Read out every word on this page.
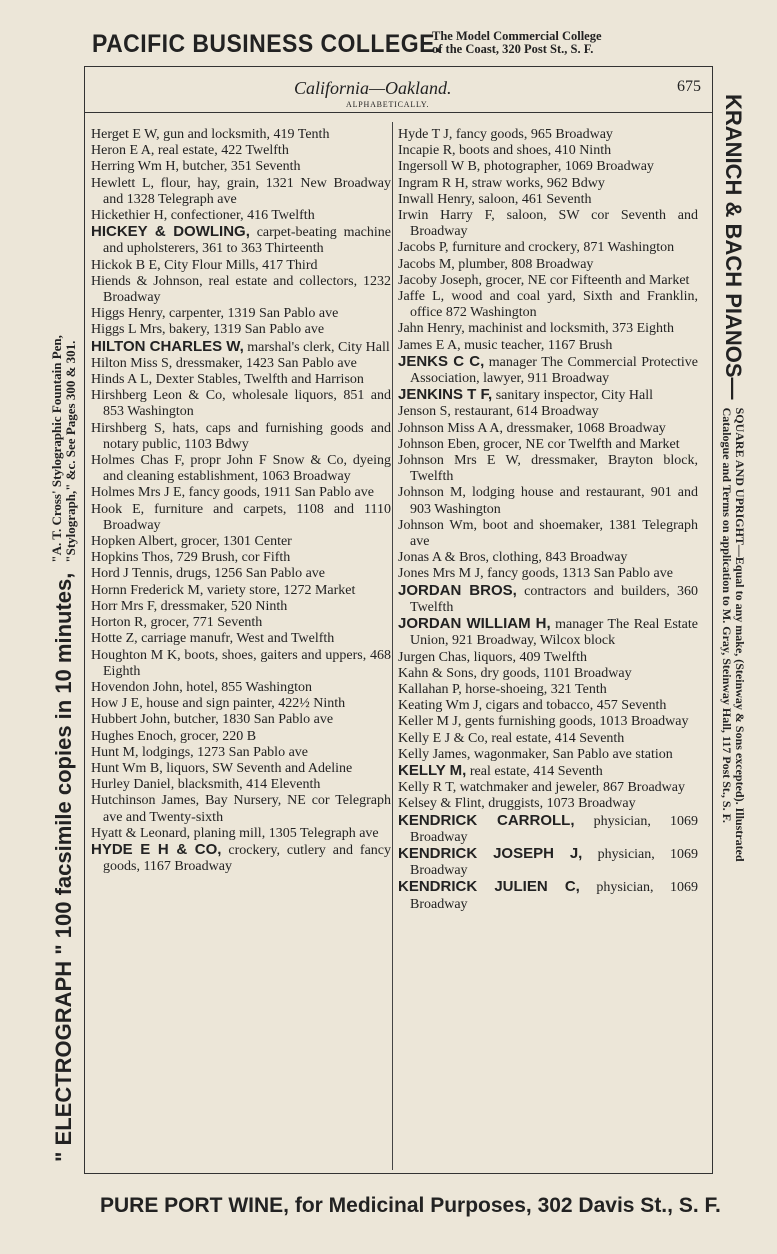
PACIFIC BUSINESS COLLEGE.
The Model Commercial College
of the Coast, 320 Post St., S. F.
" ELECTROGRAPH " 100 facsimile copies in 10 minutes,
"A. T. Cross' Stylographic Fountain Pen,
"Stylograph," &c. See Pages 300 & 301.
KRANICH & BACH PIANOS—
SQUARE AND UPRIGHT—Equal to any make, (Steinway & Sons excepted). Illustrated
Catalogue and Terms on application to M. Gray, Steinway Hall, 117 Post St., S. F.
California—Oakland.	675
ALPHABETICALLY.

Herget E W, gun and locksmith, 419 Tenth

Heron E A, real estate, 422 Twelfth

Herring Wm H, butcher, 351 Seventh

Hewlett L, flour, hay, grain, 1321 New Broadway and 1328 Telegraph ave

Hickethier H, confectioner, 416 Twelfth

HICKEY & DOWLING, carpet-beating machine and upholsterers, 361 to 363 Thirteenth

Hickok B E, City Flour Mills, 417 Third

Hiends & Johnson, real estate and collectors, 1232 Broadway

Higgs Henry, carpenter, 1319 San Pablo ave

Higgs L Mrs, bakery, 1319 San Pablo ave

HILTON CHARLES W, marshal's clerk, City Hall

Hilton Miss S, dressmaker, 1423 San Pablo ave

Hinds A L, Dexter Stables, Twelfth and Harrison

Hirshberg Leon & Co, wholesale liquors, 851 and 853 Washington

Hirshberg S, hats, caps and furnishing goods and notary public, 1103 Bdwy

Holmes Chas F, propr John F Snow & Co, dyeing and cleaning establishment, 1063 Broadway

Holmes Mrs J E, fancy goods, 1911 San Pablo ave

Hook E, furniture and carpets, 1108 and 1110 Broadway

Hopken Albert, grocer, 1301 Center

Hopkins Thos, 729 Brush, cor Fifth

Hord J Tennis, drugs, 1256 San Pablo ave

Hornn Frederick M, variety store, 1272 Market

Horr Mrs F, dressmaker, 520 Ninth

Horton R, grocer, 771 Seventh

Hotte Z, carriage manufr, West and Twelfth

Houghton M K, boots, shoes, gaiters and uppers, 468 Eighth

Hovendon John, hotel, 855 Washington

How J E, house and sign painter, 422½ Ninth

Hubbert John, butcher, 1830 San Pablo ave

Hughes Enoch, grocer, 220 B

Hunt M, lodgings, 1273 San Pablo ave

Hunt Wm B, liquors, SW Seventh and Adeline

Hurley Daniel, blacksmith, 414 Eleventh

Hutchinson James, Bay Nursery, NE cor Telegraph ave and Twenty-sixth

Hyatt & Leonard, planing mill, 1305 Telegraph ave

HYDE E H & CO, crockery, cutlery and fancy goods, 1167 Broadway

Hyde T J, fancy goods, 965 Broadway

Incapie R, boots and shoes, 410 Ninth

Ingersoll W B, photographer, 1069 Broadway

Ingram R H, straw works, 962 Bdwy

Inwall Henry, saloon, 461 Seventh

Irwin Harry F, saloon, SW cor Seventh and Broadway

Jacobs P, furniture and crockery, 871 Washington

Jacobs M, plumber, 808 Broadway

Jacoby Joseph, grocer, NE cor Fifteenth and Market

Jaffe L, wood and coal yard, Sixth and Franklin, office 872 Washington

Jahn Henry, machinist and locksmith, 373 Eighth

James E A, music teacher, 1167 Brush

JENKS C C, manager The Commercial Protective Association, lawyer, 911 Broadway

JENKINS T F, sanitary inspector, City Hall

Jenson S, restaurant, 614 Broadway

Johnson Miss A A, dressmaker, 1068 Broadway

Johnson Eben, grocer, NE cor Twelfth and Market

Johnson Mrs E W, dressmaker, Brayton block, Twelfth

Johnson M, lodging house and restaurant, 901 and 903 Washington

Johnson Wm, boot and shoemaker, 1381 Telegraph ave

Jonas A & Bros, clothing, 843 Broadway

Jones Mrs M J, fancy goods, 1313 San Pablo ave

JORDAN BROS, contractors and builders, 360 Twelfth

JORDAN WILLIAM H, manager The Real Estate Union, 921 Broadway, Wilcox block

Jurgen Chas, liquors, 409 Twelfth

Kahn & Sons, dry goods, 1101 Broadway

Kallahan P, horse-shoeing, 321 Tenth

Keating Wm J, cigars and tobacco, 457 Seventh

Keller M J, gents furnishing goods, 1013 Broadway

Kelly E J & Co, real estate, 414 Seventh

Kelly James, wagonmaker, San Pablo ave station

KELLY M, real estate, 414 Seventh

Kelly R T, watchmaker and jeweler, 867 Broadway

Kelsey & Flint, druggists, 1073 Broadway

KENDRICK CARROLL, physician, 1069 Broadway

KENDRICK JOSEPH J, physician, 1069 Broadway

KENDRICK JULIEN C, physician, 1069 Broadway

PURE PORT WINE, for Medicinal Purposes, 302 Davis St., S. F.
